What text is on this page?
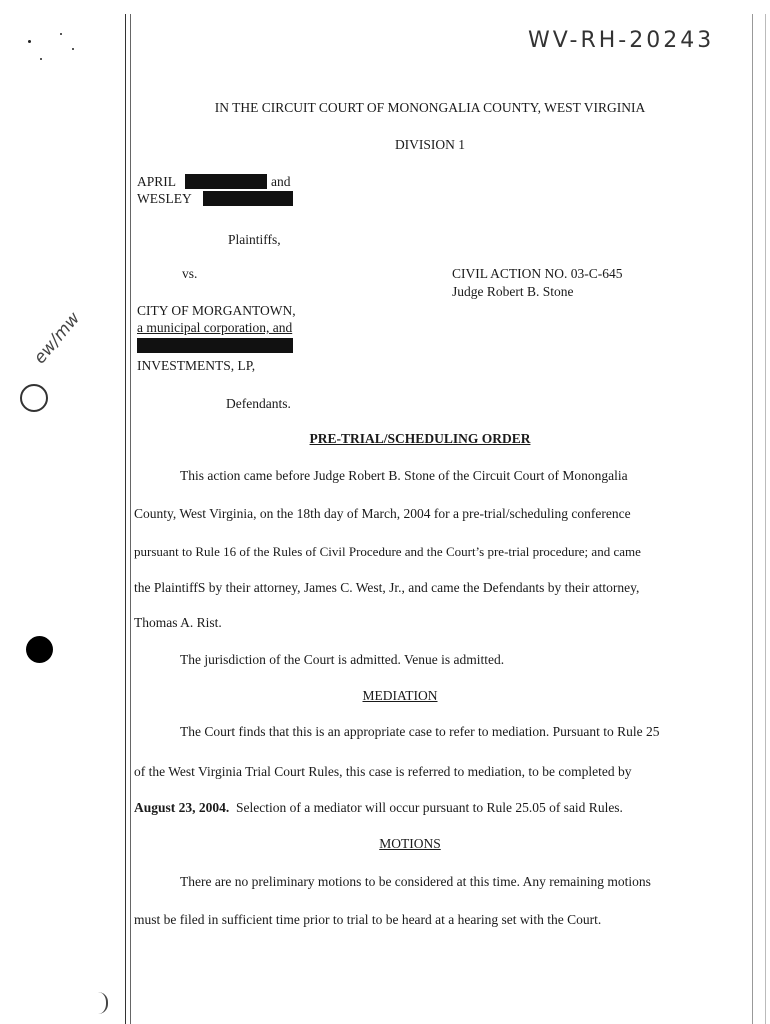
WV-RH-20243
ew/mw
IN THE CIRCUIT COURT OF MONONGALIA COUNTY, WEST VIRGINIA
DIVISION 1
APRIL	and
WESLEY
Plaintiffs,
vs.	CIVIL ACTION NO. 03-C-645
Judge Robert B. Stone
CITY OF MORGANTOWN,
a municipal corporation, and
INVESTMENTS, LP,
Defendants.
PRE-TRIAL/SCHEDULING ORDER
This action came before Judge Robert B. Stone of the Circuit Court of Monongalia
County, West Virginia, on the 18th day of March, 2004 for a pre-trial/scheduling conference
pursuant to Rule 16 of the Rules of Civil Procedure and the Court’s pre-trial procedure; and came
the PlaintiffS by their attorney, James C. West, Jr., and came the Defendants by their attorney,
Thomas A. Rist.
The jurisdiction of the Court is admitted. Venue is admitted.
MEDIATION
The Court finds that this is an appropriate case to refer to mediation. Pursuant to Rule 25
of the West Virginia Trial Court Rules, this case is referred to mediation, to be completed by
August 23, 2004.  Selection of a mediator will occur pursuant to Rule 25.05 of said Rules.
MOTIONS
There are no preliminary motions to be considered at this time. Any remaining motions
must be filed in sufficient time prior to trial to be heard at a hearing set with the Court.
